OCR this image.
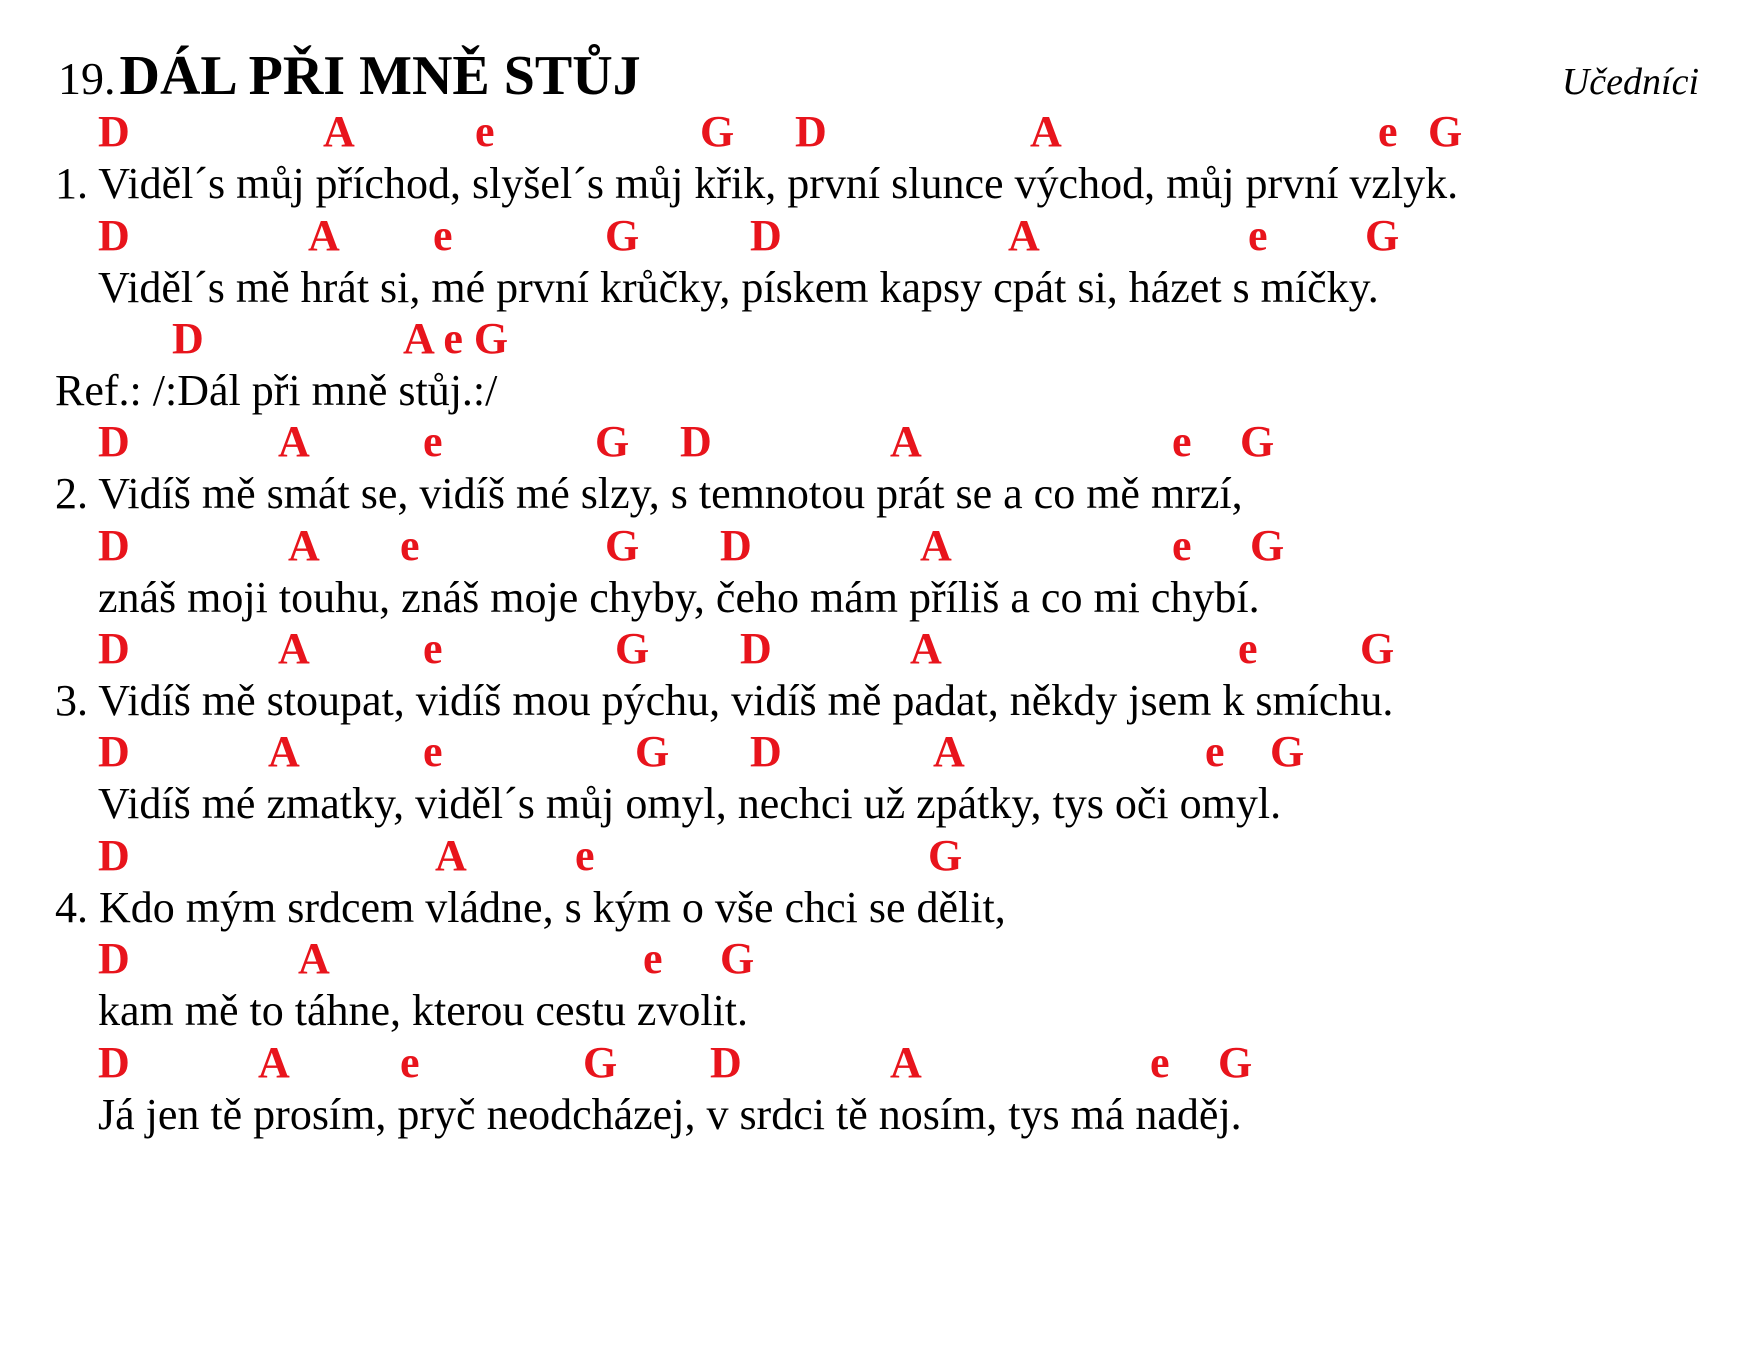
19. DÁL PŘI MNĚ STŮJ	Učedníci
D	A	e	G D	A	e G
1. Viděl´s můj příchod, slyšel´s můj křik, první slunce východ, můj první vzlyk.
D	A e	G	D	A	e G
Viděl´s mě hrát si, mé první krůčky, pískem kapsy cpát si, házet s míčky.
D	A e G
Ref.: /:Dál při mně stůj.:/
D	A	e	G D	A	e G
2. Vidíš mě smát se, vidíš mé slzy, s temnotou prát se a co mě mrzí,
D	A e	G D	A	e G
znáš moji touhu, znáš moje chyby, čeho mám příliš a co mi chybí.
D	A	e	G D	A	e G
3. Vidíš mě stoupat, vidíš mou pýchu, vidíš mě padat, někdy jsem k smíchu.
D	A	e	G D	A	e G
Vidíš mé zmatky, viděl´s můj omyl, nechci už zpátky, tys oči omyl.
D	A e	G
4. Kdo mým srdcem vládne, s kým o vše chci se dělit,
D	A	e G
kam mě to táhne, kterou cestu zvolit.
D	A	e	G D	A	e G
Já jen tě prosím, pryč neodcházej, v srdci tě nosím, tys má naděj.
